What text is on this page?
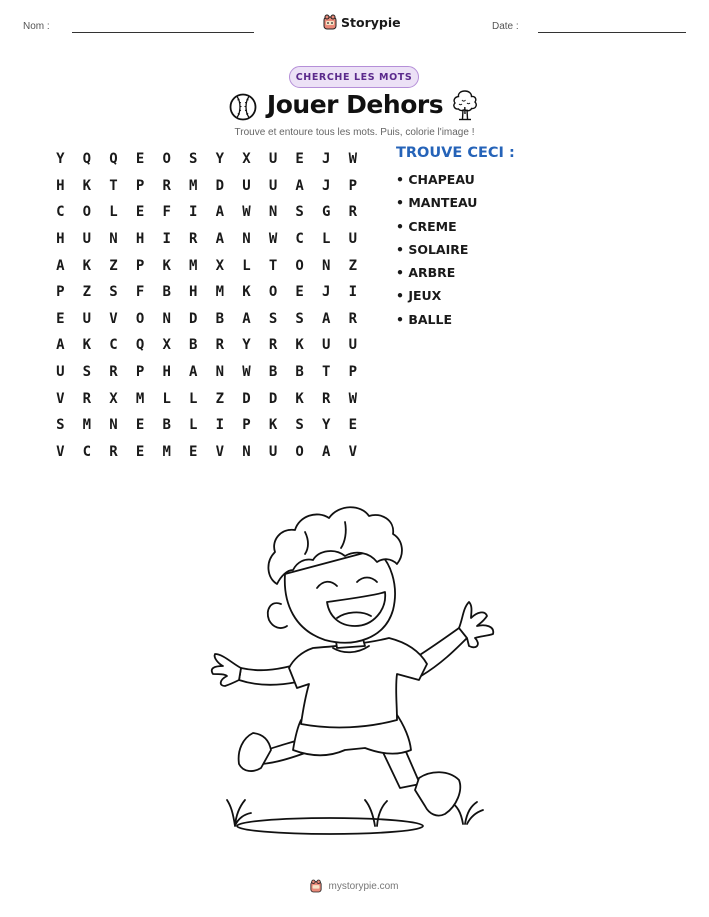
Nom :	Storypie	Date :
CHERCHE LES MOTS
Jouer Dehors
Trouve et entoure tous les mots. Puis, colorie l'image !
Y	Q	Q	E	O	S	Y	X	U	E	J	W
H	K	T	P	R	M	D	U	U	A	J	P
C	O	L	E	F	I	A	W	N	S	G	R
H	U	N	H	I	R	A	N	W	C	L	U
A	K	Z	P	K	M	X	L	T	O	N	Z
P	Z	S	F	B	H	M	K	O	E	J	I
E	U	V	O	N	D	B	A	S	S	A	R
A	K	C	Q	X	B	R	Y	R	K	U	U
U	S	R	P	H	A	N	W	B	B	T	P
V	R	X	M	L	L	Z	D	D	K	R	W
S	M	N	E	B	L	I	P	K	S	Y	E
V	C	R	E	M	E	V	N	U	O	A	V
TROUVE CECI :
• CHAPEAU
• MANTEAU
• CREME
• SOLAIRE
• ARBRE
• JEUX
• BALLE
mystorypie.com
